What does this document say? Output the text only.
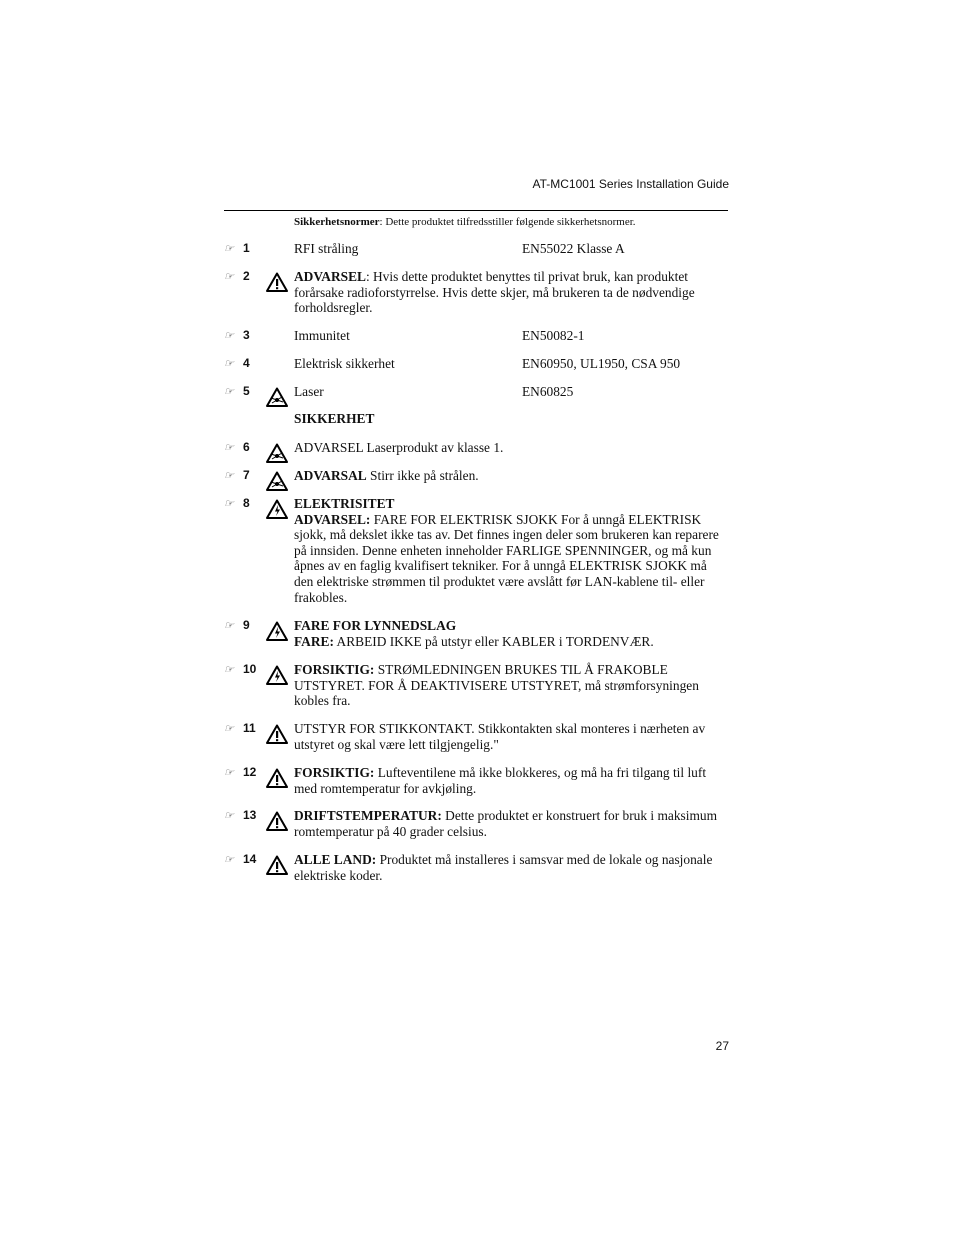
AT-MC1001 Series Installation Guide
Sikkerhetsnormer: Dette produktet tilfredsstiller følgende sikkerhetsnormer.
☞ 1	RFI stråling	EN55022 Klasse A
☞ 2	ADVARSEL: Hvis dette produktet benyttes til privat bruk, kan produktet forårsake radioforstyrrelse. Hvis dette skjer, må brukeren ta de nødvendige forholdsregler.
☞ 3	Immunitet	EN50082-1
☞ 4	Elektrisk sikkerhet	EN60950, UL1950, CSA 950
☞ 5	Laser	EN60825
SIKKERHET
☞ 6	ADVARSEL Laserprodukt av klasse 1.
☞ 7	ADVARSAL Stirr ikke på strålen.
☞ 8	ELEKTRISITET
ADVARSEL: FARE FOR ELEKTRISK SJOKK For å unngå ELEKTRISK sjokk, må dekslet ikke tas av. Det finnes ingen deler som brukeren kan reparere på innsiden. Denne enheten inneholder FARLIGE SPENNINGER, og må kun åpnes av en faglig kvalifisert tekniker. For å unngå ELEKTRISK SJOKK må den elektriske strømmen til produktet være avslått før LAN-kablene til- eller frakobles.
☞ 9	FARE FOR LYNNEDSLAG
FARE: ARBEID IKKE på utstyr eller KABLER i TORDENVÆR.
☞ 10	FORSIKTIG: STRØMLEDNINGEN BRUKES TIL Å FRAKOBLE UTSTYRET. FOR Å DEAKTIVISERE UTSTYRET, må strømforsyningen kobles fra.
☞ 11	UTSTYR FOR STIKKONTAKT. Stikkontakten skal monteres i nærheten av utstyret og skal være lett tilgjengelig."
☞ 12	FORSIKTIG: Lufteventilene må ikke blokkeres, og må ha fri tilgang til luft med romtemperatur for avkjøling.
☞ 13	DRIFTSTEMPERATUR: Dette produktet er konstruert for bruk i maksimum romtemperatur på 40 grader celsius.
☞ 14	ALLE LAND: Produktet må installeres i samsvar med de lokale og nasjonale elektriske koder.
27
